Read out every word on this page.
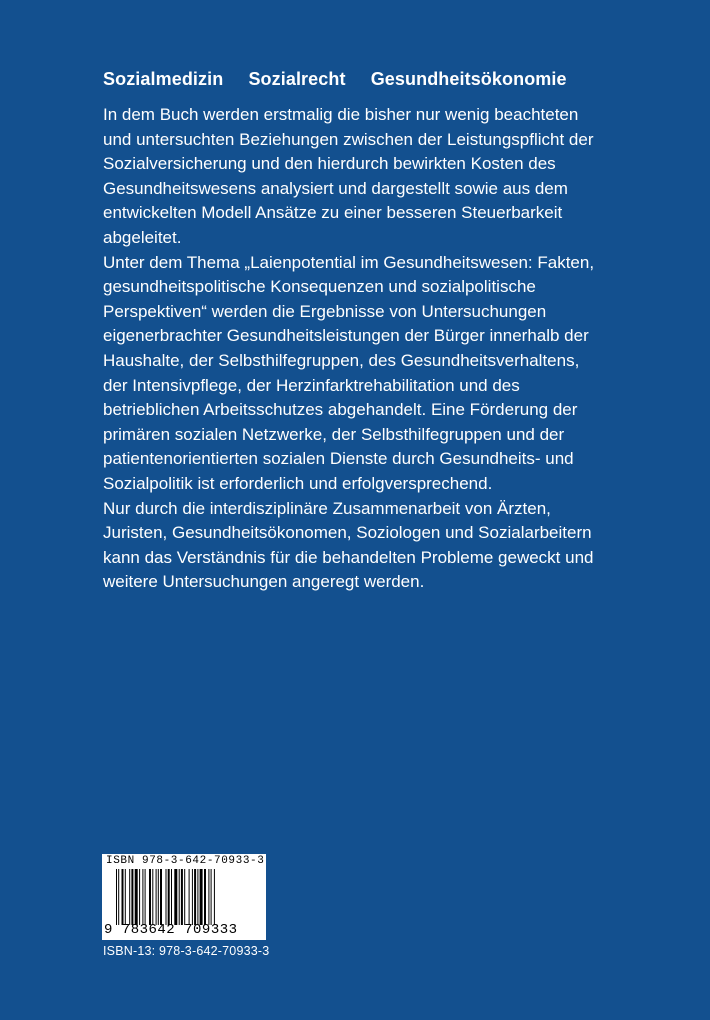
Sozialmedizin Sozialrecht Gesundheitsökonomie
In dem Buch werden erstmalig die bisher nur wenig beachteten
und untersuchten Beziehungen zwischen der Leistungspflicht der
Sozialversicherung und den hierdurch bewirkten Kosten des
Gesundheitswesens analysiert und dargestellt sowie aus dem
entwickelten Modell Ansätze zu einer besseren Steuerbarkeit
abgeleitet.
Unter dem Thema „Laienpotential im Gesundheitswesen: Fakten,
gesundheitspolitische Konsequenzen und sozialpolitische
Perspektiven“ werden die Ergebnisse von Untersuchungen
eigenerbrachter Gesundheitsleistungen der Bürger innerhalb der
Haushalte, der Selbsthilfegruppen, des Gesundheitsverhaltens,
der Intensivpflege, der Herzinfarktrehabilitation und des
betrieblichen Arbeitsschutzes abgehandelt. Eine Förderung der
primären sozialen Netzwerke, der Selbsthilfegruppen und der
patientenorientierten sozialen Dienste durch Gesundheits- und
Sozialpolitik ist erforderlich und erfolgversprechend.
Nur durch die interdisziplinäre Zusammenarbeit von Ärzten,
Juristen, Gesundheitsökonomen, Soziologen und Sozialarbeitern
kann das Verständnis für die behandelten Probleme geweckt und
weitere Untersuchungen angeregt werden.
ISBN 978-3-642-70933-3
9 783642 709333
ISBN-13: 978-3-642-70933-3
